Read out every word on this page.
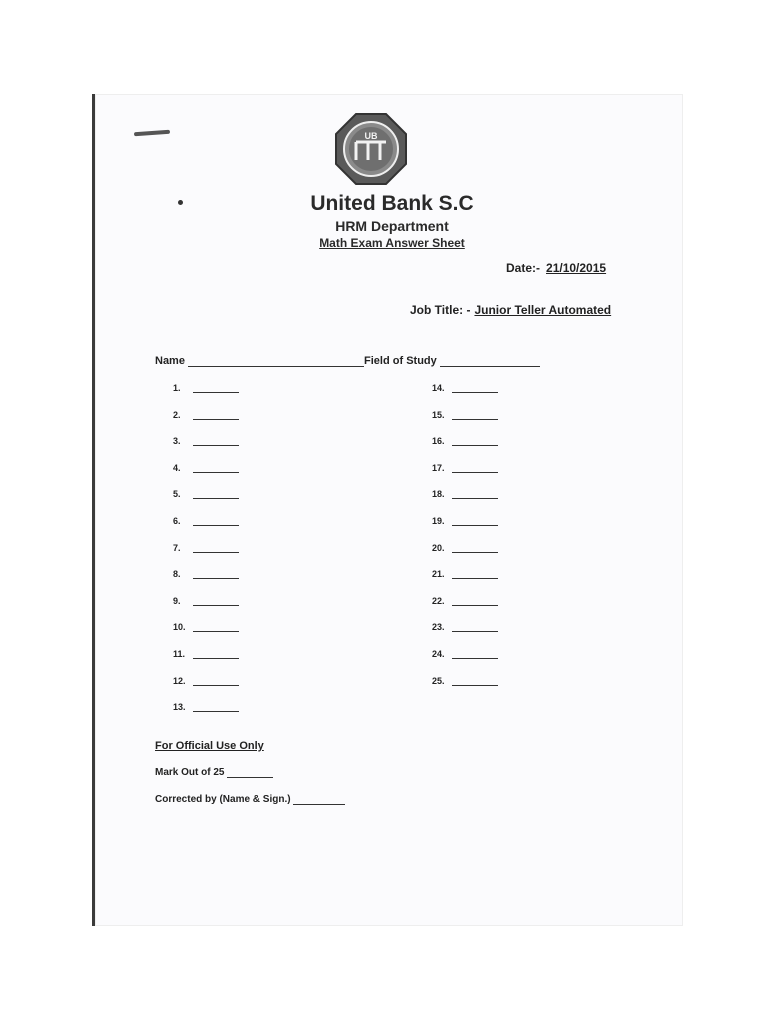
UB
United Bank S.C
HRM Department
Math Exam Answer Sheet
Date:- 21/10/2015
Job Title: - Junior Teller Automated
Name	Field of Study
1.
2.
3.
4.
5.
6.
7.
8.
9.
10.
11.
12.
13.
14.
15.
16.
17.
18.
19.
20.
21.
22.
23.
24.
25.
For Official Use Only
Mark Out of 25
Corrected by (Name & Sign.)
